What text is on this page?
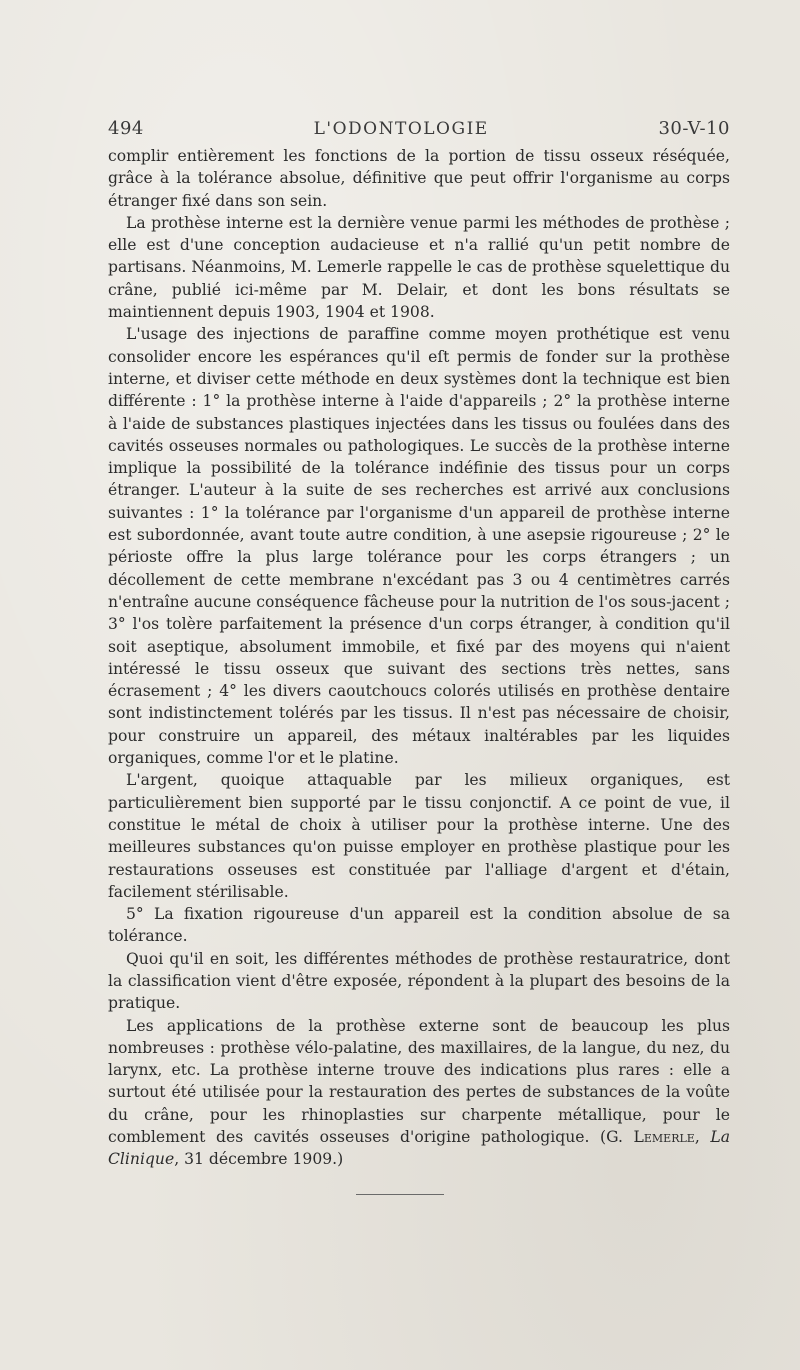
494	L'ODONTOLOGIE	30-V-10

complir entièrement les fonctions de la portion de tissu osseux réséquée, grâce à la tolérance absolue, définitive que peut offrir l'organisme au corps étranger fixé dans son sein.

La prothèse interne est la dernière venue parmi les méthodes de prothèse ; elle est d'une conception audacieuse et n'a rallié qu'un petit nombre de partisans. Néanmoins, M. Lemerle rappelle le cas de prothèse squelettique du crâne, publié ici-même par M. Delair, et dont les bons résultats se maintiennent depuis 1903, 1904 et 1908.

L'usage des injections de paraffine comme moyen prothétique est venu consolider encore les espérances qu'il eſt permis de fonder sur la prothèse interne, et diviser cette méthode en deux systèmes dont la technique est bien différente : 1° la prothèse interne à l'aide d'appareils ; 2° la prothèse interne à l'aide de substances plastiques injectées dans les tissus ou foulées dans des cavités osseuses normales ou pathologiques. Le succès de la prothèse interne implique la possibilité de la tolérance indéfinie des tissus pour un corps étranger. L'auteur à la suite de ses recherches est arrivé aux conclusions suivantes : 1° la tolérance par l'organisme d'un appareil de prothèse interne est subordonnée, avant toute autre condition, à une asepsie rigoureuse ; 2° le périoste offre la plus large tolérance pour les corps étrangers ; un décollement de cette membrane n'excédant pas 3 ou 4 centimètres carrés n'entraîne aucune conséquence fâcheuse pour la nutrition de l'os sous-jacent ; 3° l'os tolère parfaitement la présence d'un corps étranger, à condition qu'il soit aseptique, absolument immobile, et fixé par des moyens qui n'aient intéressé le tissu osseux que suivant des sections très nettes, sans écrasement ; 4° les divers caoutchoucs colorés utilisés en prothèse dentaire sont indistinctement tolérés par les tissus. Il n'est pas nécessaire de choisir, pour construire un appareil, des métaux inaltérables par les liquides organiques, comme l'or et le platine.

L'argent, quoique attaquable par les milieux organiques, est particulièrement bien supporté par le tissu conjonctif. A ce point de vue, il constitue le métal de choix à utiliser pour la prothèse interne. Une des meilleures substances qu'on puisse employer en prothèse plastique pour les restaurations osseuses est constituée par l'alliage d'argent et d'étain, facilement stérilisable.

5° La fixation rigoureuse d'un appareil est la condition absolue de sa tolérance.

Quoi qu'il en soit, les différentes méthodes de prothèse restauratrice, dont la classification vient d'être exposée, répondent à la plupart des besoins de la pratique.

Les applications de la prothèse externe sont de beaucoup les plus nombreuses : prothèse vélo-palatine, des maxillaires, de la langue, du nez, du larynx, etc. La prothèse interne trouve des indications plus rares : elle a surtout été utilisée pour la restauration des pertes de substances de la voûte du crâne, pour les rhinoplasties sur charpente métallique, pour le comblement des cavités osseuses d'origine pathologique. (G. Lemerle, La Clinique, 31 décembre 1909.)
